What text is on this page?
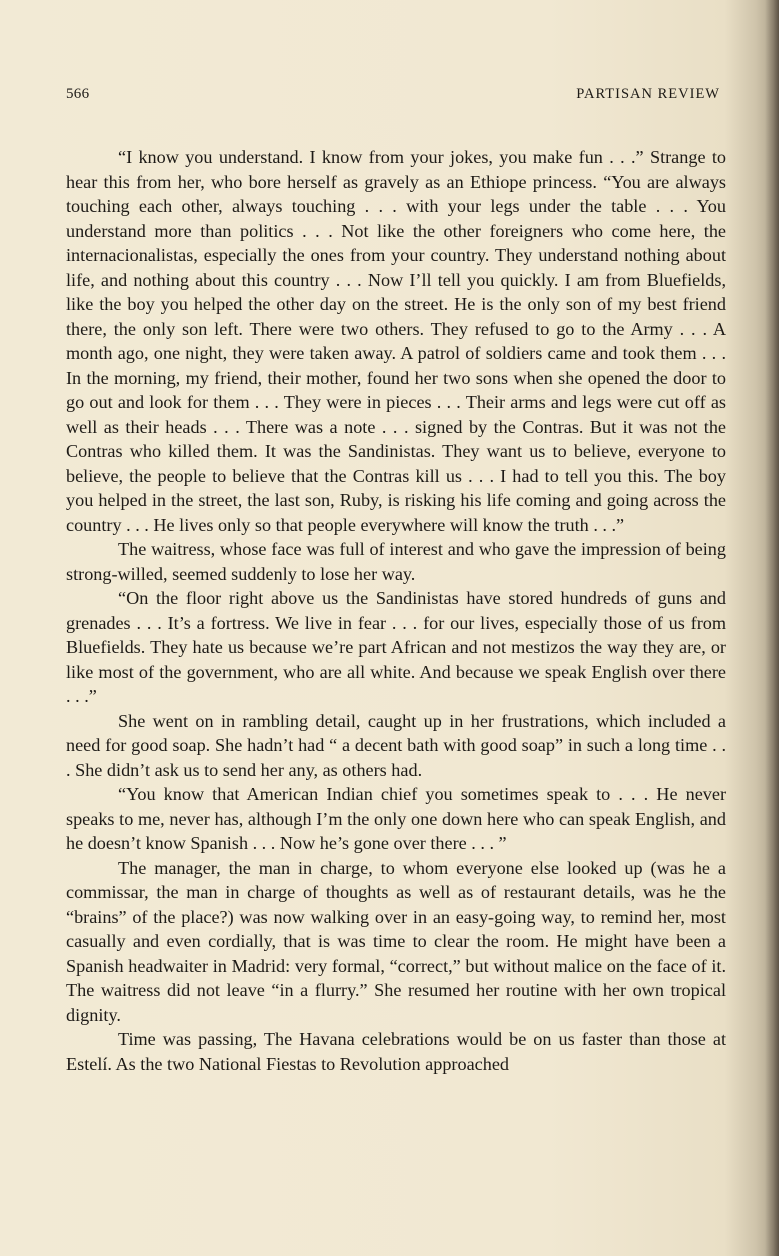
566	PARTISAN REVIEW

“I know you understand. I know from your jokes, you make fun . . .” Strange to hear this from her, who bore herself as gravely as an Ethiope princess. “You are always touching each other, always touching . . . with your legs under the table . . . You understand more than politics . . . Not like the other foreigners who come here, the internacionalistas, especially the ones from your country. They understand nothing about life, and nothing about this country . . . Now I’ll tell you quickly. I am from Bluefields, like the boy you helped the other day on the street. He is the only son of my best friend there, the only son left. There were two others. They refused to go to the Army . . . A month ago, one night, they were taken away. A patrol of soldiers came and took them . . . In the morning, my friend, their mother, found her two sons when she opened the door to go out and look for them . . . They were in pieces . . . Their arms and legs were cut off as well as their heads . . . There was a note . . . signed by the Contras. But it was not the Contras who killed them. It was the Sandinistas. They want us to believe, everyone to believe, the people to believe that the Contras kill us . . . I had to tell you this. The boy you helped in the street, the last son, Ruby, is risking his life coming and going across the country . . . He lives only so that people everywhere will know the truth . . .”

The waitress, whose face was full of interest and who gave the impression of being strong-willed, seemed suddenly to lose her way.

“On the floor right above us the Sandinistas have stored hundreds of guns and grenades . . . It’s a fortress. We live in fear . . . for our lives, especially those of us from Bluefields. They hate us because we’re part African and not mestizos the way they are, or like most of the government, who are all white. And because we speak English over there . . .”

She went on in rambling detail, caught up in her frustrations, which included a need for good soap. She hadn’t had “ a decent bath with good soap” in such a long time . . . She didn’t ask us to send her any, as others had.

“You know that American Indian chief you sometimes speak to . . . He never speaks to me, never has, although I’m the only one down here who can speak English, and he doesn’t know Spanish . . . Now he’s gone over there . . . ”

The manager, the man in charge, to whom everyone else looked up (was he a commissar, the man in charge of thoughts as well as of restaurant details, was he the “brains” of the place?) was now walking over in an easy-going way, to remind her, most casually and even cordially, that is was time to clear the room. He might have been a Spanish headwaiter in Madrid: very formal, “correct,” but without malice on the face of it. The waitress did not leave “in a flurry.” She resumed her routine with her own tropical dignity.

Time was passing, The Havana celebrations would be on us faster than those at Estelí. As the two National Fiestas to Revolution approached
